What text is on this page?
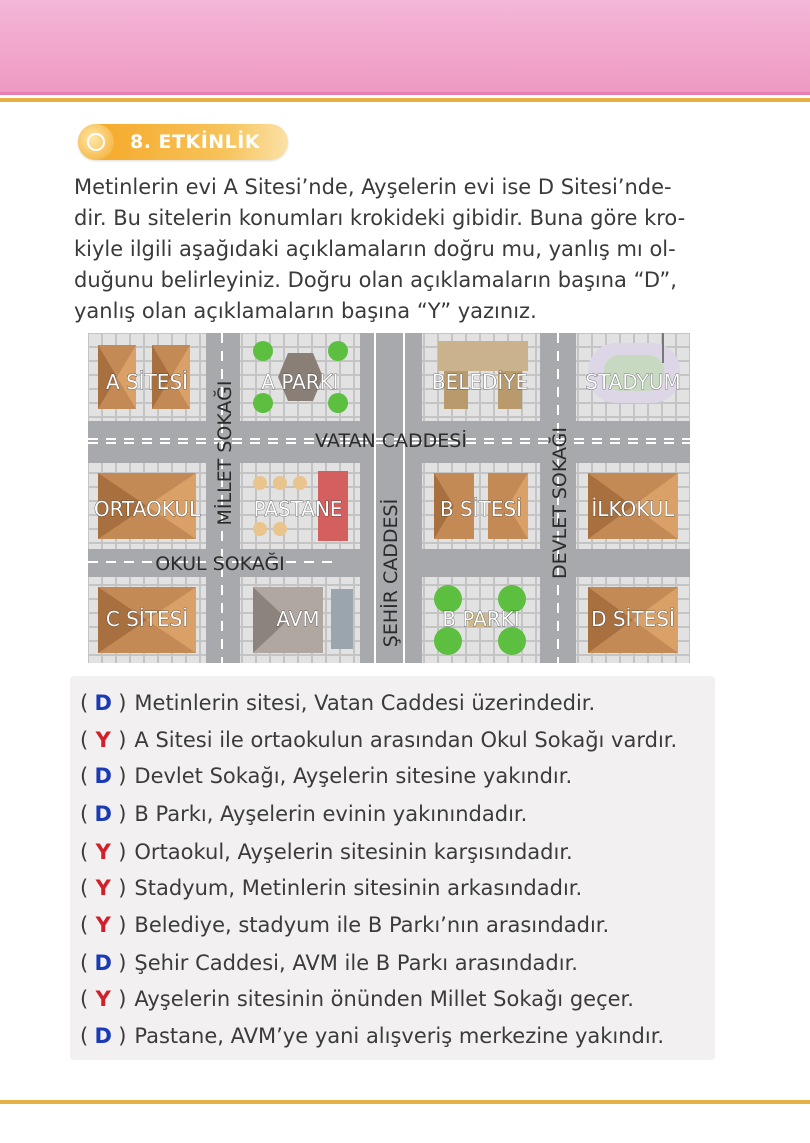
8. ETKİNLİK
Metinlerin evi A Sitesi’nde, Ayşelerin evi ise D Sitesi’nde-
dir. Bu sitelerin konumları krokideki gibidir. Buna göre kro-
kiyle ilgili aşağıdaki açıklamaların doğru mu, yanlış mı ol-
duğunu belirleyiniz. Doğru olan açıklamaların başına “D”,
yanlış olan açıklamaların başına “Y” yazınız.
A SİTESİ	A PARKI	BELEDİYE	STADYUM
ORTAOKUL	PASTANE	B SİTESİ	İLKOKUL
C SİTESİ	AVM	B PARKI	D SİTESİ
VATAN CADDESİ
OKUL SOKAĞI
MİLLET SOKAĞI
ŞEHİR CADDESİ	DEVLET SOKAĞI
( D ) Metinlerin sitesi, Vatan Caddesi üzerindedir.
( Y ) A Sitesi ile ortaokulun arasından Okul Sokağı vardır.
( D ) Devlet Sokağı, Ayşelerin sitesine yakındır.
( D ) B Parkı, Ayşelerin evinin yakınındadır.
( Y ) Ortaokul, Ayşelerin sitesinin karşısındadır.
( Y ) Stadyum, Metinlerin sitesinin arkasındadır.
( Y ) Belediye, stadyum ile B Parkı’nın arasındadır.
( D ) Şehir Caddesi, AVM ile B Parkı arasındadır.
( Y ) Ayşelerin sitesinin önünden Millet Sokağı geçer.
( D ) Pastane, AVM’ye yani alışveriş merkezine yakındır.
